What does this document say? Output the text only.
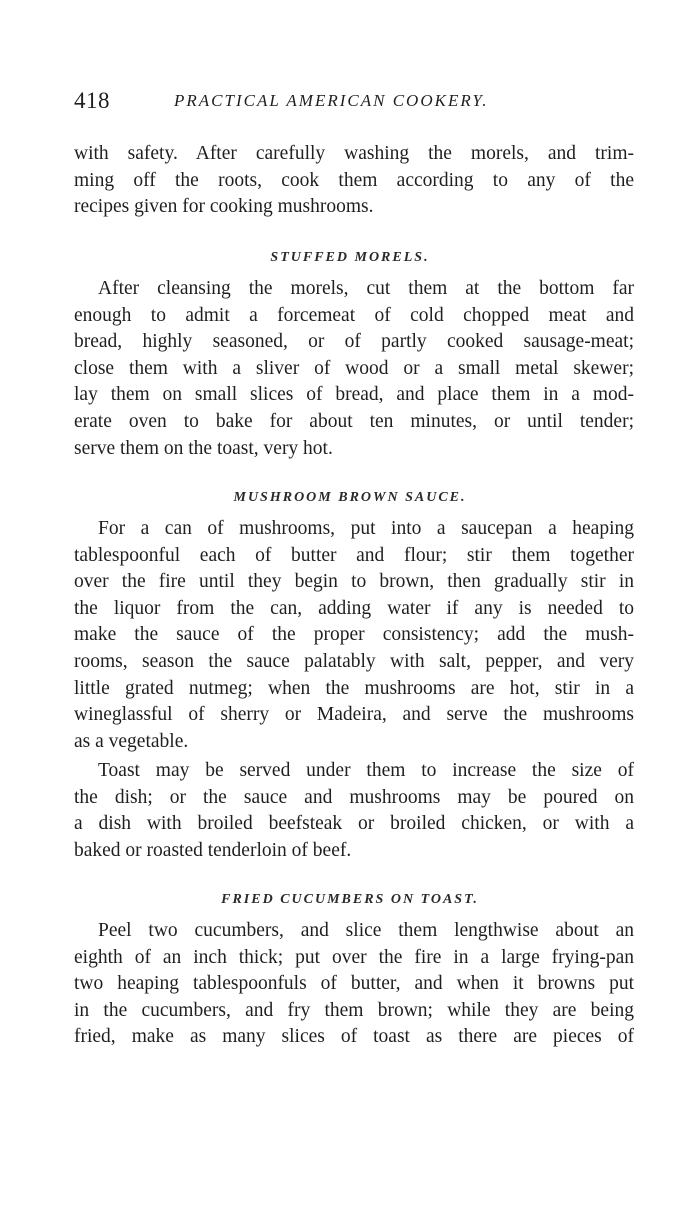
418	PRACTICAL AMERICAN COOKERY.
with safety. After carefully washing the morels, and trim-
ming off the roots, cook them according to any of the
recipes given for cooking mushrooms.
STUFFED MORELS.
After cleansing the morels, cut them at the bottom far
enough to admit a forcemeat of cold chopped meat and
bread, highly seasoned, or of partly cooked sausage-meat;
close them with a sliver of wood or a small metal skewer;
lay them on small slices of bread, and place them in a mod-
erate oven to bake for about ten minutes, or until tender;
serve them on the toast, very hot.
MUSHROOM BROWN SAUCE.
For a can of mushrooms, put into a saucepan a heaping
tablespoonful each of butter and flour; stir them together
over the fire until they begin to brown, then gradually stir in
the liquor from the can, adding water if any is needed to
make the sauce of the proper consistency; add the mush-
rooms, season the sauce palatably with salt, pepper, and very
little grated nutmeg; when the mushrooms are hot, stir in a
wineglassful of sherry or Madeira, and serve the mushrooms
as a vegetable.
Toast may be served under them to increase the size of
the dish; or the sauce and mushrooms may be poured on
a dish with broiled beefsteak or broiled chicken, or with a
baked or roasted tenderloin of beef.
FRIED CUCUMBERS ON TOAST.
Peel two cucumbers, and slice them lengthwise about an
eighth of an inch thick; put over the fire in a large frying-pan
two heaping tablespoonfuls of butter, and when it browns put
in the cucumbers, and fry them brown; while they are being
fried, make as many slices of toast as there are pieces of
